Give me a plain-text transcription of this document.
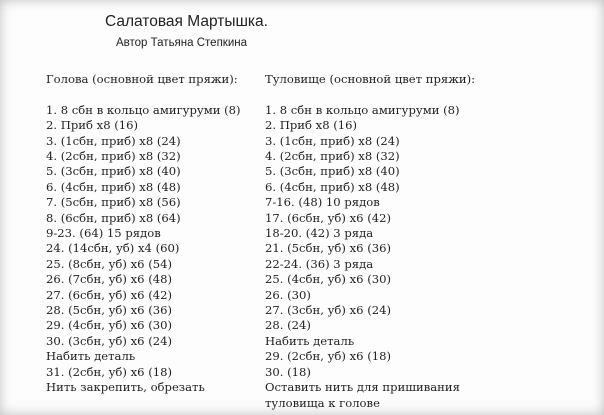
Салатовая Мартышка.
Автор Татьяна Степкина
Голова (основной цвет пряжи):
1. 8 сбн в кольцо амигуруми (8)
2. Приб х8 (16)
3. (1сбн, приб) х8 (24)
4. (2сбн, приб) х8 (32)
5. (3сбн, приб) х8 (40)
6. (4сбн, приб) х8 (48)
7. (5сбн, приб) х8 (56)
8. (6сбн, приб) х8 (64)
9-23. (64) 15 рядов
24. (14сбн, уб) х4 (60)
25. (8сбн, уб) х6 (54)
26. (7сбн, уб) х6 (48)
27. (6сбн, уб) х6 (42)
28. (5сбн, уб) х6 (36)
29. (4сбн, уб) х6 (30)
30. (3сбн, уб) х6 (24)
Набить деталь
31. (2сбн, уб) х6 (18)
Нить закрепить, обрезать
Туловище (основной цвет пряжи):
1. 8 сбн в кольцо амигуруми (8)
2. Приб х8 (16)
3. (1сбн, приб) х8 (24)
4. (2сбн, приб) х8 (32)
5. (3сбн, приб) х8 (40)
6. (4сбн, приб) х8 (48)
7-16. (48) 10 рядов
17. (6сбн, уб) х6 (42)
18-20. (42) 3 ряда
21. (5сбн, уб) х6 (36)
22-24. (36) 3 ряда
25. (4сбн, уб) х6 (30)
26. (30)
27. (3сбн, уб) х6 (24)
28. (24)
Набить деталь
29. (2сбн, уб) х6 (18)
30. (18)
Оставить нить для пришивания
туловища к голове
